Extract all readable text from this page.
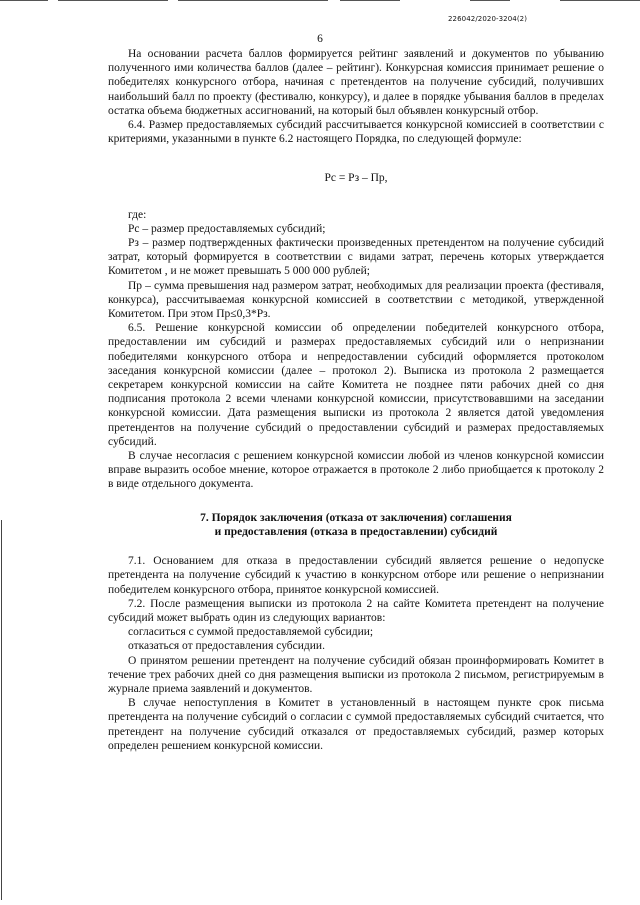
226042/2020-3204(2)
6

На основании расчета баллов формируется рейтинг заявлений и документов по убыванию полученного ими количества баллов (далее – рейтинг). Конкурсная комиссия принимает решение о победителях конкурсного отбора, начиная с претендентов на получение субсидий, получивших наибольший балл по проекту (фестивалю, конкурсу), и далее в порядке убывания баллов в пределах остатка объема бюджетных ассигнований, на который был объявлен конкурсный отбор.

6.4. Размер предоставляемых субсидий рассчитывается конкурсной комиссией в соответствии с критериями, указанными в пункте 6.2 настоящего Порядка, по следующей формуле:

Рс = Рз – Пр,

где:

Рс – размер предоставляемых субсидий;

Рз – размер подтвержденных фактически произведенных претендентом на получение субсидий затрат, который формируется в соответствии с видами затрат, перечень которых утверждается Комитетом , и не может превышать 5 000 000 рублей;

Пр – сумма превышения над размером затрат, необходимых для реализации проекта (фестиваля, конкурса), рассчитываемая конкурсной комиссией в соответствии с методикой, утвержденной Комитетом. При этом Пр≤0,3*Рз.

6.5. Решение конкурсной комиссии об определении победителей конкурсного отбора, предоставлении им субсидий и размерах предоставляемых субсидий или о непризнании победителями конкурсного отбора и непредоставлении субсидий оформляется протоколом заседания конкурсной комиссии (далее – протокол 2). Выписка из протокола 2 размещается секретарем конкурсной комиссии на сайте Комитета не позднее пяти рабочих дней со дня подписания протокола 2 всеми членами конкурсной комиссии, присутствовавшими на заседании конкурсной комиссии. Дата размещения выписки из протокола 2 является датой уведомления претендентов на получение субсидий о предоставлении субсидий и размерах предоставляемых субсидий.

В случае несогласия с решением конкурсной комиссии любой из членов конкурсной комиссии вправе выразить особое мнение, которое отражается в протоколе 2 либо приобщается к протоколу 2 в виде отдельного документа.

7. Порядок заключения (отказа от заключения) соглашения
и предоставления (отказа в предоставлении) субсидий

7.1. Основанием для отказа в предоставлении субсидий является решение о недопуске претендента на получение субсидий к участию в конкурсном отборе или решение о непризнании победителем конкурсного отбора, принятое конкурсной комиссией.

7.2. После размещения выписки из протокола 2 на сайте Комитета претендент на получение субсидий может выбрать один из следующих вариантов:

согласиться с суммой предоставляемой субсидии;

отказаться от предоставления субсидии.

О принятом решении претендент на получение субсидий обязан проинформировать Комитет в течение трех рабочих дней со дня размещения выписки из протокола 2 письмом, регистрируемым в журнале приема заявлений и документов.

В случае непоступления в Комитет в установленный в настоящем пункте срок письма претендента на получение субсидий о согласии с суммой предоставляемых субсидий считается, что претендент на получение субсидий отказался от предоставляемых субсидий, размер которых определен решением конкурсной комиссии.
